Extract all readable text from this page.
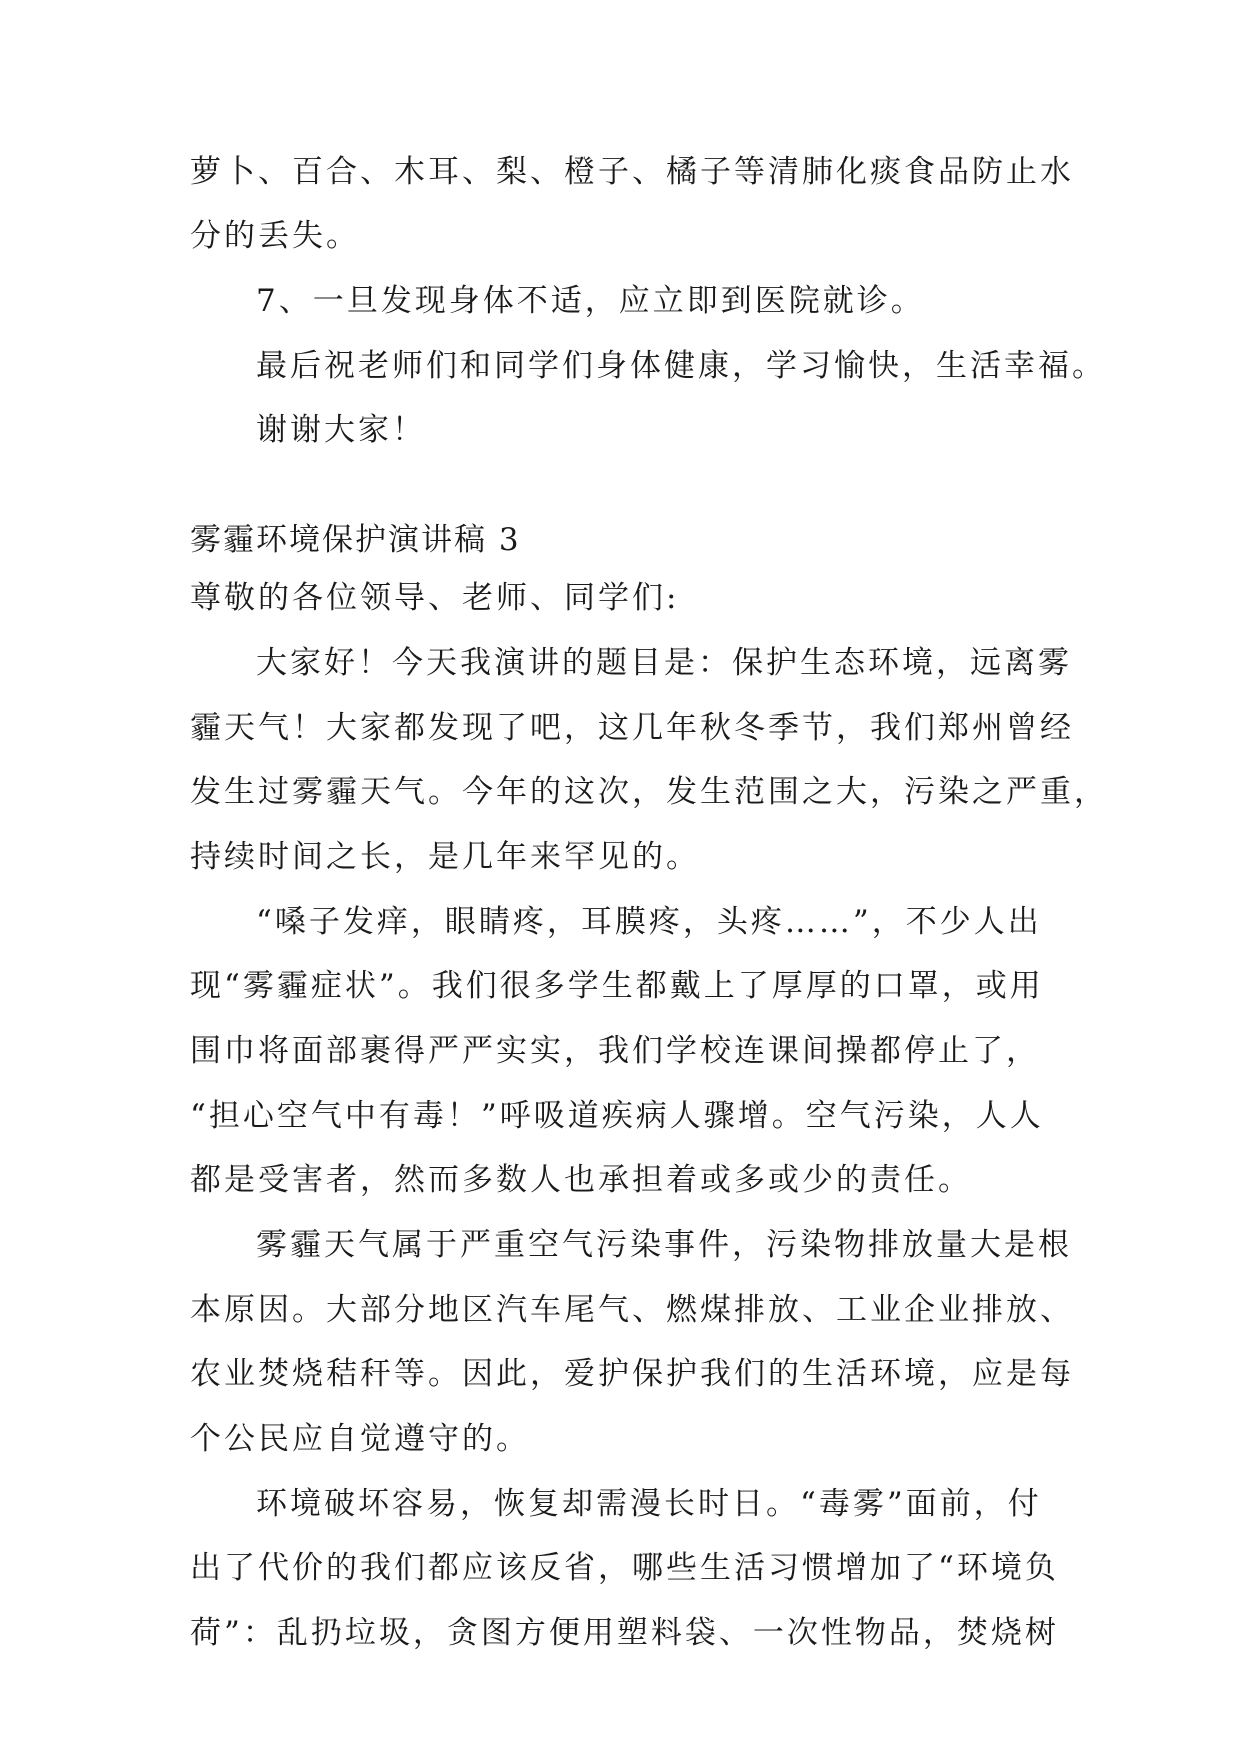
萝卜、百合、木耳、梨、橙子、橘子等清肺化痰食品防止水
分的丢失。
7、一旦发现身体不适，应立即到医院就诊。
最后祝老师们和同学们身体健康，学习愉快，生活幸福。
谢谢大家！
雾霾环境保护演讲稿 3
尊敬的各位领导、老师、同学们:
大家好！今天我演讲的题目是：保护生态环境，远离雾
霾天气！大家都发现了吧，这几年秋冬季节，我们郑州曾经
发生过雾霾天气。今年的这次，发生范围之大，污染之严重，
持续时间之长，是几年来罕见的。
“嗓子发痒，眼睛疼，耳膜疼，头疼……”，不少人出
现“雾霾症状”。我们很多学生都戴上了厚厚的口罩，或用
围巾将面部裹得严严实实，我们学校连课间操都停止了，
“担心空气中有毒！”呼吸道疾病人骤增。空气污染，人人
都是受害者，然而多数人也承担着或多或少的责任。
雾霾天气属于严重空气污染事件，污染物排放量大是根
本原因。大部分地区汽车尾气、燃煤排放、工业企业排放、
农业焚烧秸秆等。因此，爱护保护我们的生活环境，应是每
个公民应自觉遵守的。
环境破坏容易，恢复却需漫长时日。“毒雾”面前，付
出了代价的我们都应该反省，哪些生活习惯增加了“环境负
荷”：乱扔垃圾，贪图方便用塑料袋、一次性物品，焚烧树
